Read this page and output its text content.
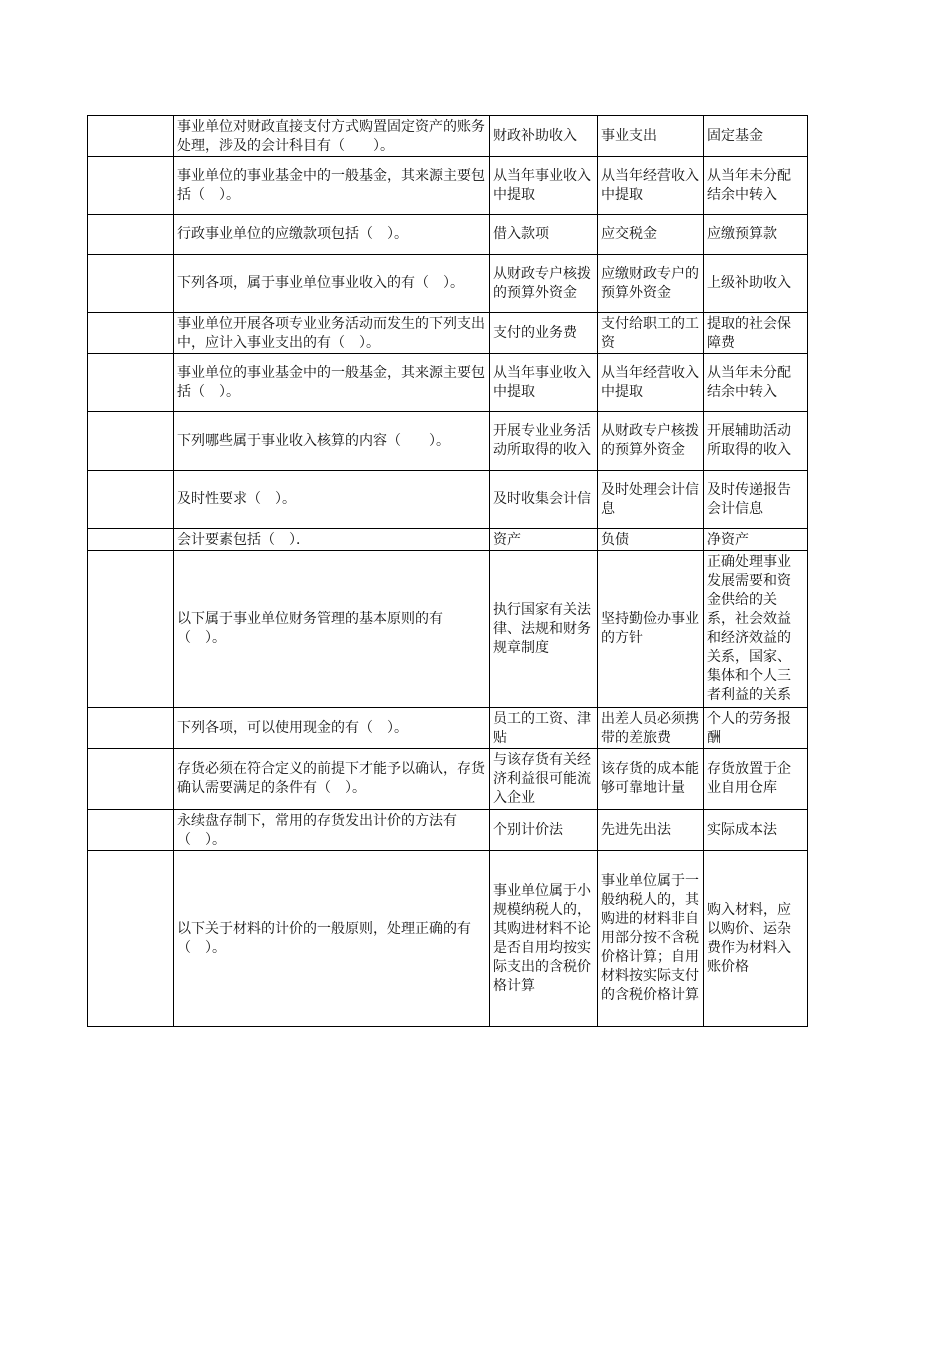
	事业单位对财政直接支付方式购置固定资产的账务处理，涉及的会计科目有（　　）。	财政补助收入	事业支出	固定基金

	事业单位的事业基金中的一般基金，其来源主要包括（　）。	从当年事业收入中提取	从当年经营收入中提取	从当年未分配结余中转入

	行政事业单位的应缴款项包括（　）。	借入款项	应交税金	应缴预算款

	下列各项，属于事业单位事业收入的有（　）。	从财政专户核拨的预算外资金	应缴财政专户的预算外资金	上级补助收入

	事业单位开展各项专业业务活动而发生的下列支出中，应计入事业支出的有（　）。	支付的业务费	支付给职工的工资	提取的社会保障费

	事业单位的事业基金中的一般基金，其来源主要包括（　）。	从当年事业收入中提取	从当年经营收入中提取	从当年未分配结余中转入

	下列哪些属于事业收入核算的内容（　　）。	开展专业业务活动所取得的收入	从财政专户核拨的预算外资金	开展辅助活动所取得的收入

	及时性要求（　）。	及时收集会计信	及时处理会计信息	及时传递报告会计信息

	会计要素包括（　）．	资产	负债	净资产

	以下属于事业单位财务管理的基本原则的有（　）。	执行国家有关法律、法规和财务规章制度	坚持勤俭办事业的方针	正确处理事业发展需要和资金供给的关系，社会效益和经济效益的关系，国家、集体和个人三者利益的关系

	下列各项，可以使用现金的有（　）。	员工的工资、津贴	出差人员必须携带的差旅费	个人的劳务报酬

	存货必须在符合定义的前提下才能予以确认，存货确认需要满足的条件有（　）。	与该存货有关经济利益很可能流入企业	该存货的成本能够可靠地计量	存货放置于企业自用仓库

	永续盘存制下，常用的存货发出计价的方法有（　）。	个别计价法	先进先出法	实际成本法

	以下关于材料的计价的一般原则，处理正确的有（　）。	事业单位属于小规模纳税人的，其购进材料不论是否自用均按实际支出的含税价格计算	事业单位属于一般纳税人的，其购进的材料非自用部分按不含税价格计算；自用材料按实际支付的含税价格计算	购入材料，应以购价、运杂费作为材料入账价格
